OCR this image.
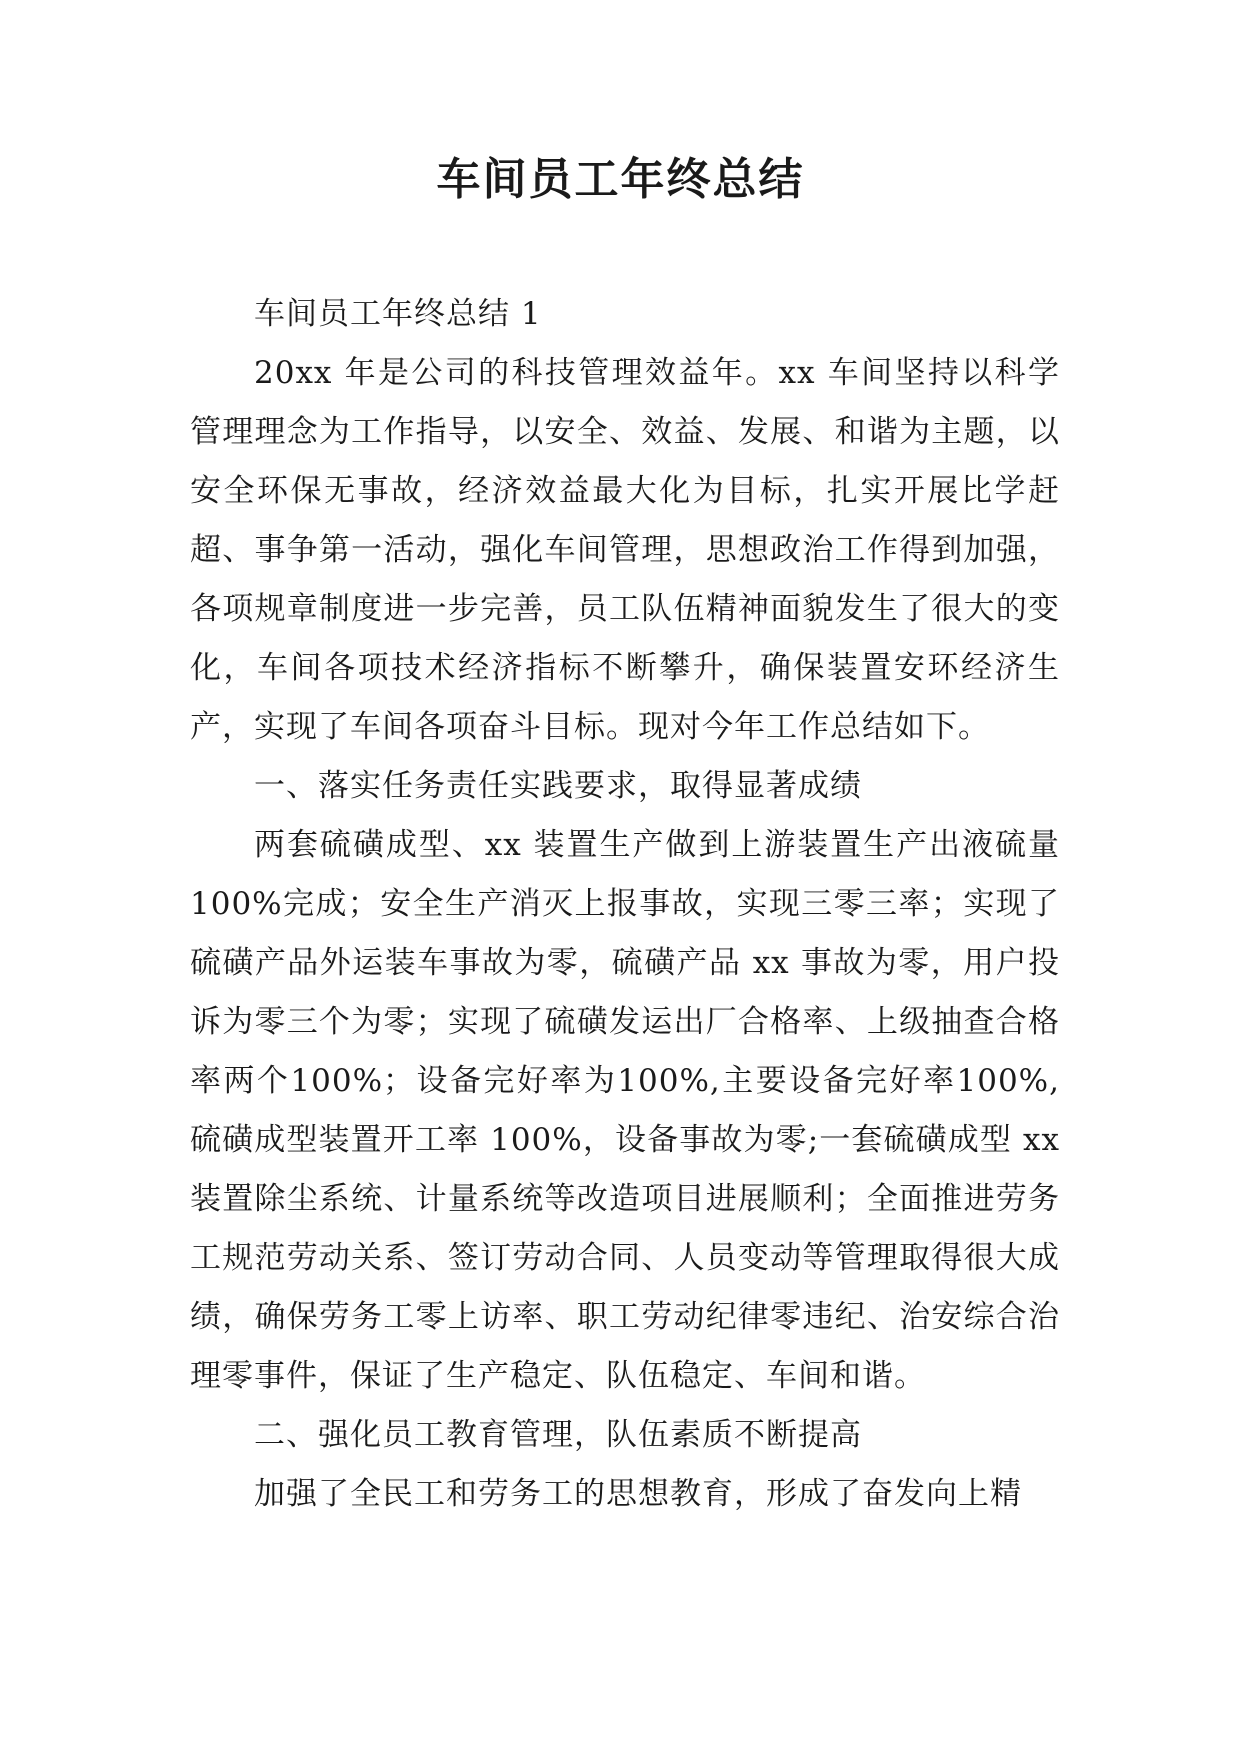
车间员工年终总结

车间员工年终总结 1

20xx 年是公司的科技管理效益年。xx 车间坚持以科学管理理念为工作指导，以安全、效益、发展、和谐为主题，以安全环保无事故，经济效益最大化为目标，扎实开展比学赶超、事争第一活动，强化车间管理，思想政治工作得到加强，各项规章制度进一步完善，员工队伍精神面貌发生了很大的变化，车间各项技术经济指标不断攀升，确保装置安环经济生产，实现了车间各项奋斗目标。现对今年工作总结如下。

一、落实任务责任实践要求，取得显著成绩

两套硫磺成型、xx 装置生产做到上游装置生产出液硫量100%完成；安全生产消灭上报事故，实现三零三率；实现了硫磺产品外运装车事故为零，硫磺产品 xx 事故为零，用户投诉为零三个为零；实现了硫磺发运出厂合格率、上级抽查合格率两个100%；设备完好率为100%,主要设备完好率100%,硫磺成型装置开工率 100%，设备事故为零;一套硫磺成型 xx 装置除尘系统、计量系统等改造项目进展顺利；全面推进劳务工规范劳动关系、签订劳动合同、人员变动等管理取得很大成绩，确保劳务工零上访率、职工劳动纪律零违纪、治安综合治理零事件，保证了生产稳定、队伍稳定、车间和谐。

二、强化员工教育管理，队伍素质不断提高

加强了全民工和劳务工的思想教育，形成了奋发向上精
